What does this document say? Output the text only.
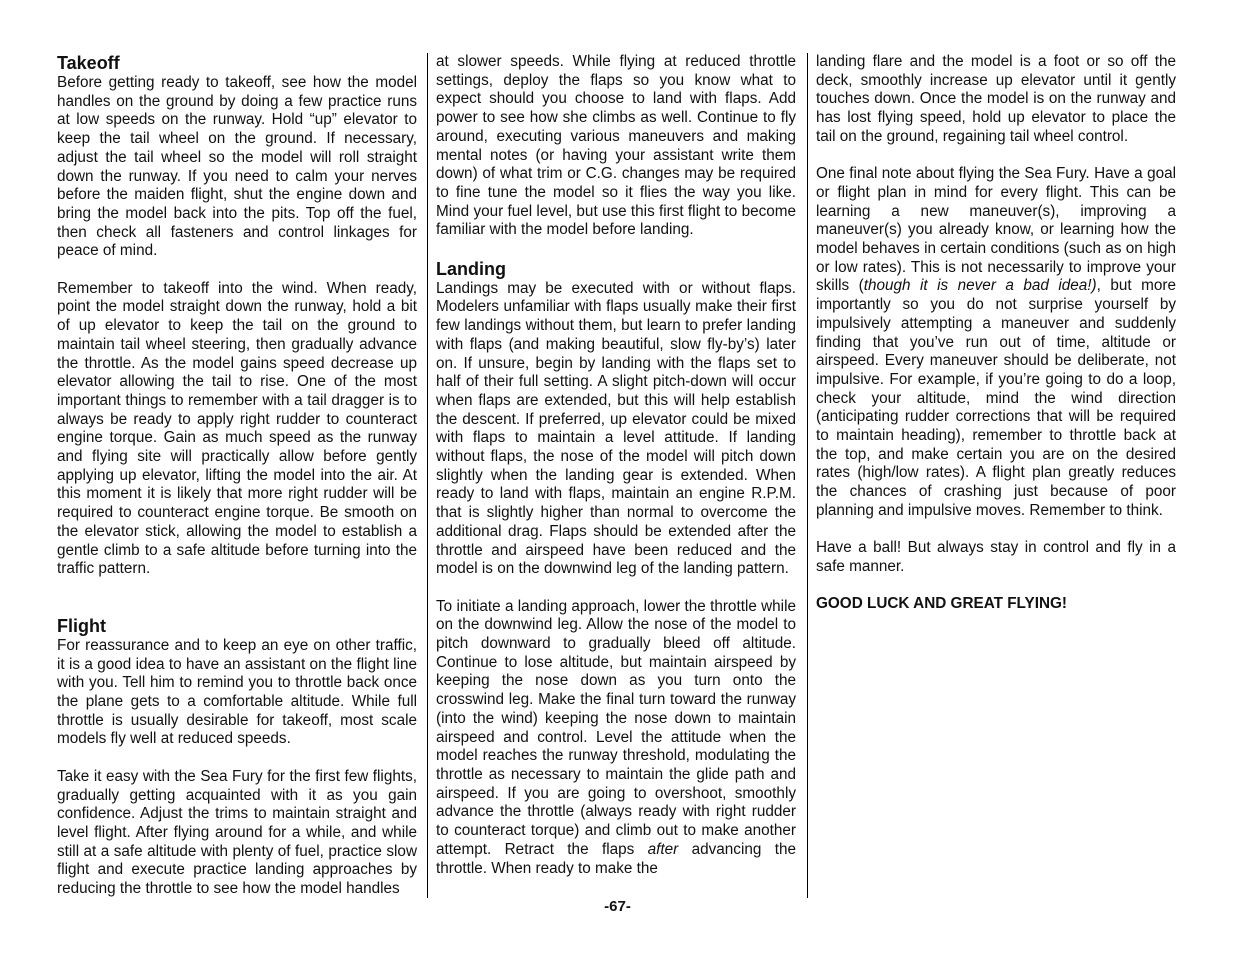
Takeoff

Before getting ready to takeoff, see how the model handles on the ground by doing a few practice runs at low speeds on the runway. Hold “up” elevator to keep the tail wheel on the ground. If necessary, adjust the tail wheel so the model will roll straight down the runway. If you need to calm your nerves before the maiden flight, shut the engine down and bring the model back into the pits. Top off the fuel, then check all fasteners and control linkages for peace of mind.

Remember to takeoff into the wind. When ready, point the model straight down the runway, hold a bit of up elevator to keep the tail on the ground to maintain tail wheel steering, then gradually advance the throttle. As the model gains speed decrease up elevator allowing the tail to rise. One of the most important things to remember with a tail dragger is to always be ready to apply right rudder to counteract engine torque. Gain as much speed as the runway and flying site will practically allow before gently applying up elevator, lifting the model into the air. At this moment it is likely that more right rudder will be required to counteract engine torque. Be smooth on the elevator stick, allowing the model to establish a gentle climb to a safe altitude before turning into the traffic pattern.

Flight

For reassurance and to keep an eye on other traffic, it is a good idea to have an assistant on the flight line with you. Tell him to remind you to throttle back once the plane gets to a comfortable altitude. While full throttle is usually desirable for takeoff, most scale models fly well at reduced speeds.

Take it easy with the Sea Fury for the first few flights, gradually getting acquainted with it as you gain confidence. Adjust the trims to maintain straight and level flight. After flying around for a while, and while still at a safe altitude with plenty of fuel, practice slow flight and execute practice landing approaches by reducing the throttle to see how the model handles

at slower speeds. While flying at reduced throttle settings, deploy the flaps so you know what to expect should you choose to land with flaps. Add power to see how she climbs as well. Continue to fly around, executing various maneuvers and making mental notes (or having your assistant write them down) of what trim or C.G. changes may be required to fine tune the model so it flies the way you like. Mind your fuel level, but use this first flight to become familiar with the model before landing.

Landing

Landings may be executed with or without flaps. Modelers unfamiliar with flaps usually make their first few landings without them, but learn to prefer landing with flaps (and making beautiful, slow fly-by’s) later on. If unsure, begin by landing with the flaps set to half of their full setting. A slight pitch-down will occur when flaps are extended, but this will help establish the descent. If preferred, up elevator could be mixed with flaps to maintain a level attitude. If landing without flaps, the nose of the model will pitch down slightly when the landing gear is extended. When ready to land with flaps, maintain an engine R.P.M. that is slightly higher than normal to overcome the additional drag. Flaps should be extended after the throttle and airspeed have been reduced and the model is on the downwind leg of the landing pattern.

To initiate a landing approach, lower the throttle while on the downwind leg. Allow the nose of the model to pitch downward to gradually bleed off altitude. Continue to lose altitude, but maintain airspeed by keeping the nose down as you turn onto the crosswind leg. Make the final turn toward the runway (into the wind) keeping the nose down to maintain airspeed and control. Level the attitude when the model reaches the runway threshold, modulating the throttle as necessary to maintain the glide path and airspeed. If you are going to overshoot, smoothly advance the throttle (always ready with right rudder to counteract torque) and climb out to make another attempt. Retract the flaps after advancing the throttle. When ready to make the

landing flare and the model is a foot or so off the deck, smoothly increase up elevator until it gently touches down. Once the model is on the runway and has lost flying speed, hold up elevator to place the tail on the ground, regaining tail wheel control.

One final note about flying the Sea Fury. Have a goal or flight plan in mind for every flight. This can be learning a new maneuver(s), improving a maneuver(s) you already know, or learning how the model behaves in certain conditions (such as on high or low rates). This is not necessarily to improve your skills (though it is never a bad idea!), but more importantly so you do not surprise yourself by impulsively attempting a maneuver and suddenly finding that you’ve run out of time, altitude or airspeed. Every maneuver should be deliberate, not impulsive. For example, if you’re going to do a loop, check your altitude, mind the wind direction (anticipating rudder corrections that will be required to maintain heading), remember to throttle back at the top, and make certain you are on the desired rates (high/low rates). A flight plan greatly reduces the chances of crashing just because of poor planning and impulsive moves. Remember to think.

Have a ball! But always stay in control and fly in a safe manner.

GOOD LUCK AND GREAT FLYING!

-67-
